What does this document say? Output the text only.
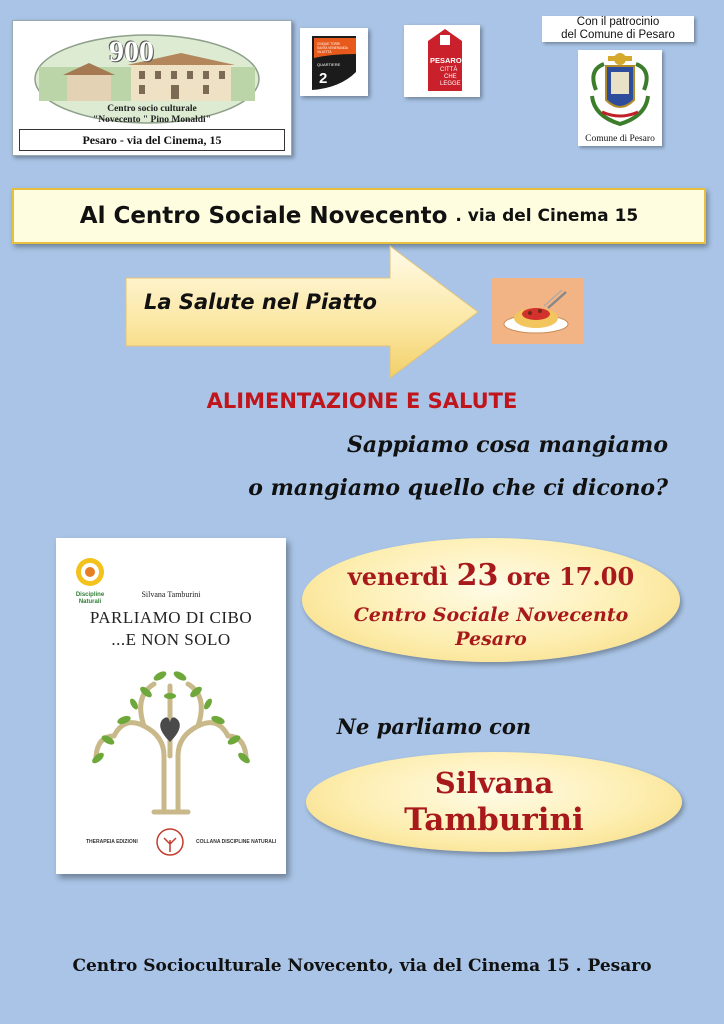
900
Centro socio culturale
"Novecento " Pino Monaldi"
Pesaro - via del Cinema, 15
CINQUE TORRI
SANTA VENERANDA
VILLETTA
QUARTIERE
2
PESARO
CITTÀ
CHE
LEGGE
Con il patrocinio
del Comune di Pesaro
Comune di Pesaro
Al Centro Sociale Novecento . via del Cinema 15
La Salute nel Piatto
ALIMENTAZIONE E SALUTE
Sappiamo cosa mangiamo
o mangiamo quello che ci dicono?
Discipline Naturali
Silvana Tamburini
PARLIAMO DI CIBO
...E NON SOLO
THERAPEIA EDIZIONI	COLLANA DISCIPLINE NATURALI
venerdì 23 ore 17.00
Centro Sociale Novecento
Pesaro
Ne parliamo con
Silvana
Tamburini
Centro Socioculturale Novecento, via del Cinema 15 . Pesaro
